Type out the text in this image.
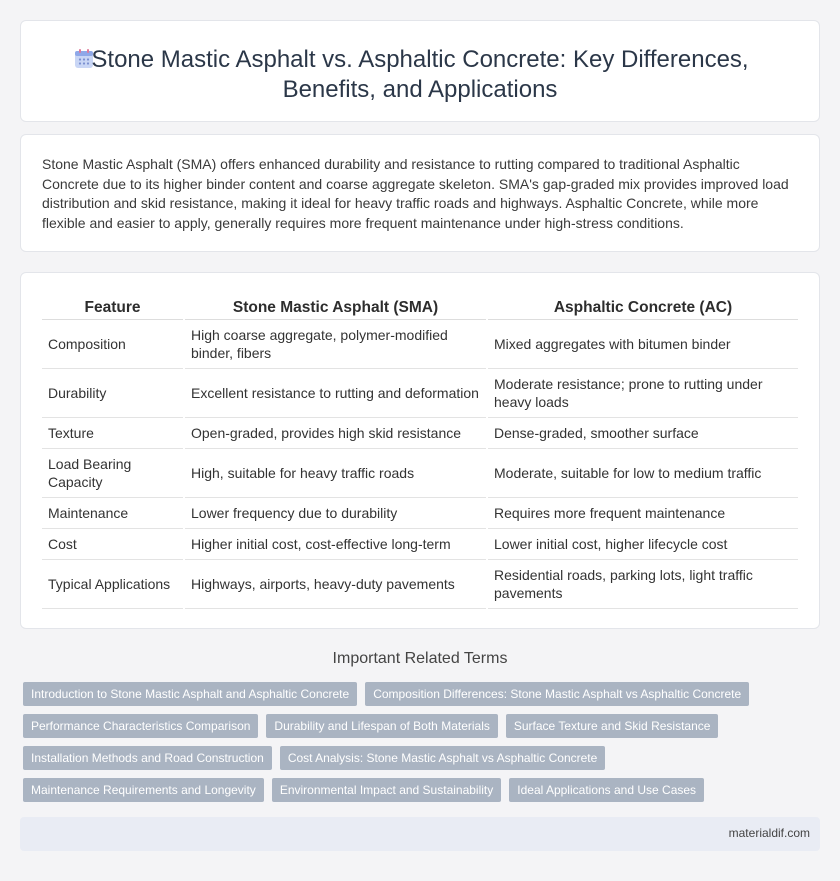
Stone Mastic Asphalt vs. Asphaltic Concrete: Key Differences,
Benefits, and Applications

Stone Mastic Asphalt (SMA) offers enhanced durability and resistance to rutting compared to traditional Asphaltic Concrete due to its higher binder content and coarse aggregate skeleton. SMA's gap-graded mix provides improved load distribution and skid resistance, making it ideal for heavy traffic roads and highways. Asphaltic Concrete, while more flexible and easier to apply, generally requires more frequent maintenance under high-stress conditions.

Feature	Stone Mastic Asphalt (SMA)	Asphaltic Concrete (AC)
Composition	High coarse aggregate, polymer-modified binder, fibers	Mixed aggregates with bitumen binder
Durability	Excellent resistance to rutting and deformation	Moderate resistance; prone to rutting under heavy loads
Texture	Open-graded, provides high skid resistance	Dense-graded, smoother surface
Load Bearing Capacity	High, suitable for heavy traffic roads	Moderate, suitable for low to medium traffic
Maintenance	Lower frequency due to durability	Requires more frequent maintenance
Cost	Higher initial cost, cost-effective long-term	Lower initial cost, higher lifecycle cost
Typical Applications	Highways, airports, heavy-duty pavements	Residential roads, parking lots, light traffic pavements
Important Related Terms
Introduction to Stone Mastic Asphalt and Asphaltic Concrete	Composition Differences: Stone Mastic Asphalt vs Asphaltic Concrete
Performance Characteristics Comparison	Durability and Lifespan of Both Materials	Surface Texture and Skid Resistance
Installation Methods and Road Construction	Cost Analysis: Stone Mastic Asphalt vs Asphaltic Concrete
Maintenance Requirements and Longevity	Environmental Impact and Sustainability	Ideal Applications and Use Cases
materialdif.com
